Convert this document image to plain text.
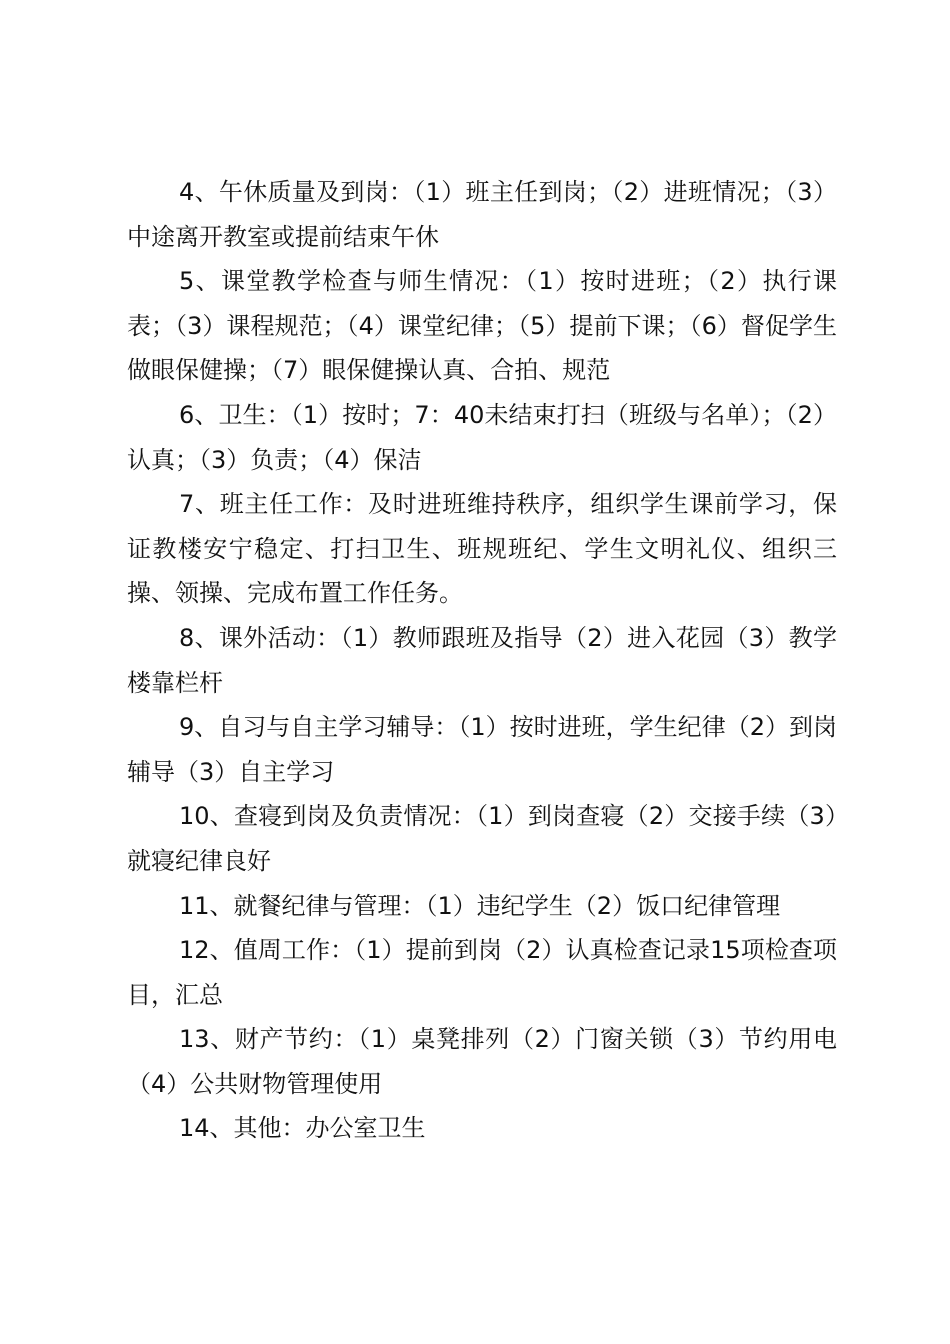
4、午休质量及到岗：（1）班主任到岗；（2）进班情况；（3）中途离开教室或提前结束午休

5、课堂教学检查与师生情况：（1）按时进班；（2）执行课表；（3）课程规范；（4）课堂纪律；（5）提前下课；（6）督促学生做眼保健操；（7）眼保健操认真、合拍、规范

6、卫生：（1）按时；7：40未结束打扫（班级与名单）；（2）认真；（3）负责；（4）保洁

7、班主任工作：及时进班维持秩序，组织学生课前学习，保证教楼安宁稳定、打扫卫生、班规班纪、学生文明礼仪、组织三操、领操、完成布置工作任务。

8、课外活动：（1）教师跟班及指导（2）进入花园（3）教学楼靠栏杆

9、自习与自主学习辅导：（1）按时进班，学生纪律（2）到岗辅导（3）自主学习

10、查寝到岗及负责情况：（1）到岗查寝（2）交接手续（3）就寝纪律良好

11、就餐纪律与管理：（1）违纪学生（2）饭口纪律管理

12、值周工作：（1）提前到岗（2）认真检查记录15项检查项目，汇总

13、财产节约：（1）桌凳排列（2）门窗关锁（3）节约用电（4）公共财物管理使用

14、其他：办公室卫生
